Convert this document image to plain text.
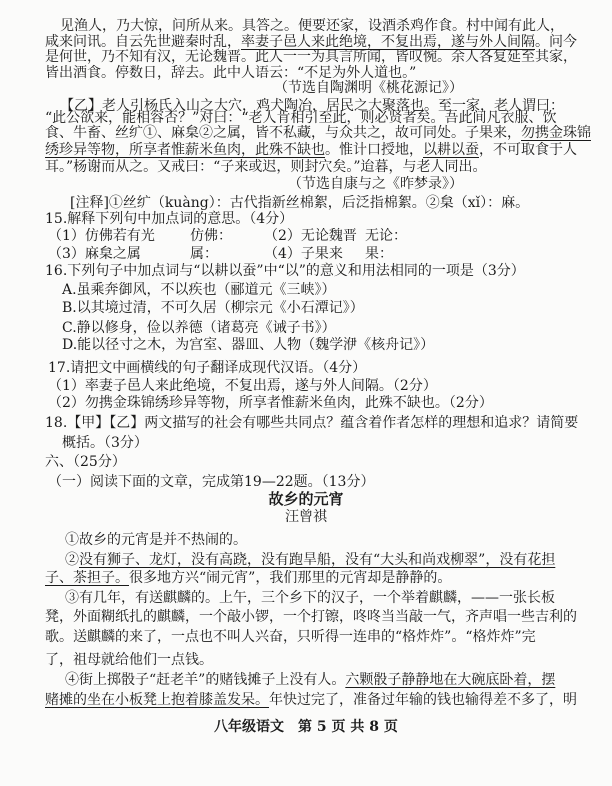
见渔人，乃大惊，问所从来。具答之。便要还家，设酒杀鸡作食。村中闻有此人，
咸来问讯。自云先世避秦时乱，率妻子邑人来此绝境，不复出焉，遂与外人间隔。问今
是何世，乃不知有汉，无论魏晋。此人一一为具言所闻，皆叹惋。余人各复延至其家，
皆出酒食。停数日，辞去。此中人语云：“不足为外人道也。”
（节选自陶渊明《桃花源记》）
【乙】老人引杨氏入山之大穴，鸡犬陶冶，居民之大聚落也。至一家，老人谓曰：
“此公欲来，能相容否？”对曰：“老人肯相引至此，则必贤者矣。吾此间凡衣服、饮
食、牛畜、丝纩①、麻枲②之属，皆不私藏，与众共之，故可同处。子果来，勿携金珠锦
绣珍异等物，所享者惟薪米鱼肉，此殊不缺也。惟计口授地，以耕以蚕，不可取食于人
耳。”杨谢而从之。又戒曰：“子来或迟，则封穴矣。”迨暮，与老人同出。
（节选自康与之《昨梦录》）
[注释]①丝纩（kuàng）：古代指新丝棉絮，后泛指棉絮。②枲（xǐ）：麻。
15.解释下列句中加点词的意思。（4分）
16.下列句子中加点词与“以耕以蚕”中“以”的意义和用法相同的一项是（3分）
A.虽乘奔御风，不以疾也（郦道元《三峡》）
B.以其境过清，不可久居（柳宗元《小石潭记》）
C.静以修身，俭以养德（诸葛亮《诫子书》）
D.能以径寸之木，为宫室、器皿、人物（魏学洢《核舟记》）
17.请把文中画横线的句子翻译成现代汉语。（4分）
（1）率妻子邑人来此绝境，不复出焉，遂与外人间隔。（2分）
（2）勿携金珠锦绣珍异等物，所享者惟薪米鱼肉，此殊不缺也。（2分）
18.【甲】【乙】两文描写的社会有哪些共同点？蕴含着作者怎样的理想和追求？请简要
概括。（3分）
六、（25分）
（一）阅读下面的文章，完成第19—22题。（13分）
故乡的元宵
汪曾祺
①故乡的元宵是并不热闹的。
②没有狮子、龙灯，没有高跷，没有跑旱船，没有“大头和尚戏柳翠”，没有花担
子、茶担子。很多地方兴“闹元宵”，我们那里的元宵却是静静的。
③有几年，有送麒麟的。上午，三个乡下的汉子，一个举着麒麟，——一张长板
凳，外面糊纸扎的麒麟，一个敲小锣，一个打镲，咚咚当当敲一气，齐声唱一些吉利的
歌。送麒麟的来了，一点也不叫人兴奋，只听得一连串的“格炸炸”。“格炸炸”完
了，祖母就给他们一点钱。
④街上掷骰子“赶老羊”的赌钱摊子上没有人。六颗骰子静静地在大碗底卧着，摆
赌摊的坐在小板凳上抱着膝盖发呆。年快过完了，准备过年输的钱也输得差不多了，明
（1）仿佛若有光	仿佛： （2）无论魏晋 无论：
（3）麻枲之属	属：	（4）子果来 果：
八年级语文　第 5 页 共 8 页
